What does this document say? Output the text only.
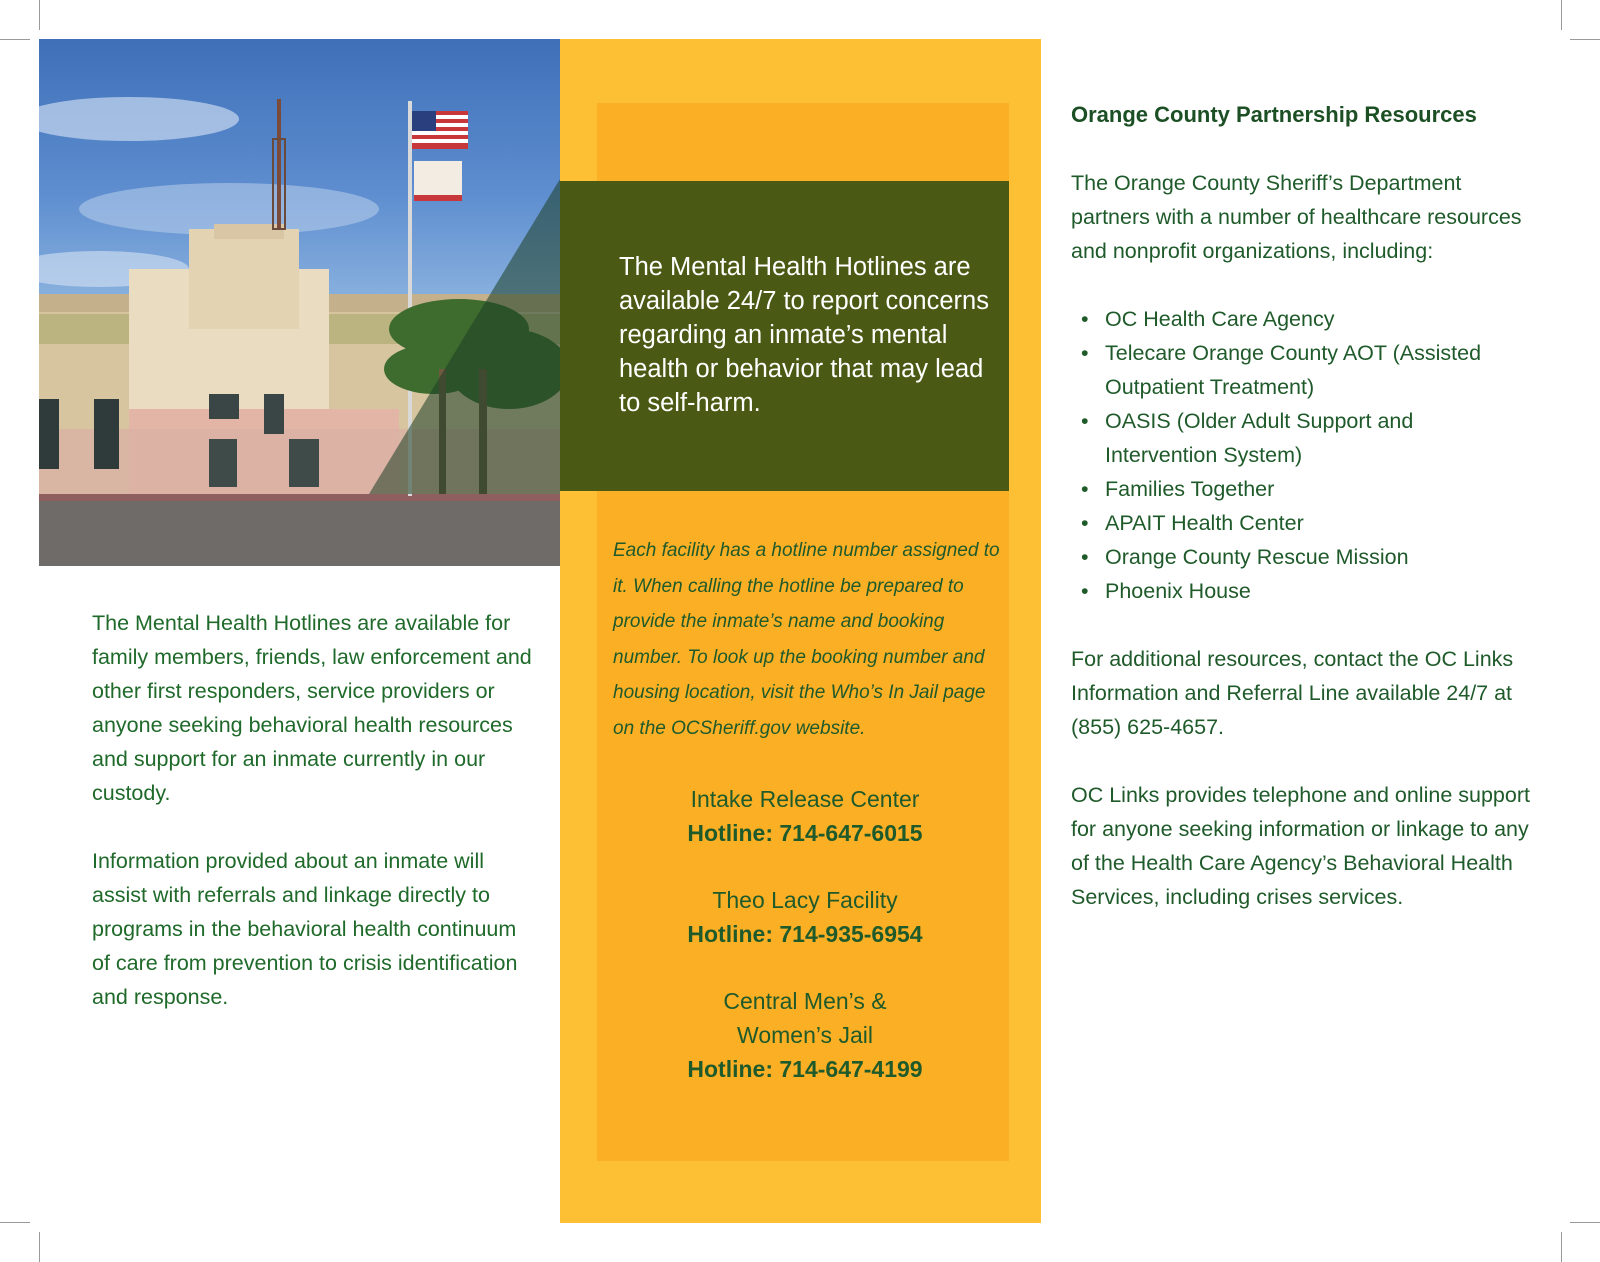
The Mental Health Hotlines are available for family members, friends, law enforcement and other first responders, service providers or anyone seeking behavioral health resources and support for an inmate currently in our custody.

Information provided about an inmate will assist with referrals and linkage directly to programs in the behavioral health continuum of care from prevention to crisis identification and response.

The Mental Health Hotlines are available 24/7 to report concerns regarding an inmate’s mental health or behavior that may lead to self-harm.
Each facility has a hotline number assigned to it. When calling the hotline be prepared to provide the inmate’s name and booking number. To look up the booking number and housing location, visit the Who’s In Jail page on the OCSheriff.gov website.
Intake Release Center
Hotline: 714-647-6015
Theo Lacy Facility
Hotline: 714-935-6954
Central Men’s & Women’s Jail
Hotline: 714-647-4199
Orange County Partnership Resources

The Orange County Sheriff’s Department partners with a number of healthcare resources and nonprofit organizations, including:

• OC Health Care Agency
• Telecare Orange County AOT (Assisted Outpatient Treatment)
• OASIS (Older Adult Support and Intervention System)
• Families Together
• APAIT Health Center
• Orange County Rescue Mission
• Phoenix House

For additional resources, contact the OC Links Information and Referral Line available 24/7 at (855) 625-4657.

OC Links provides telephone and online support for anyone seeking information or linkage to any of the Health Care Agency’s Behavioral Health Services, including crises services.
